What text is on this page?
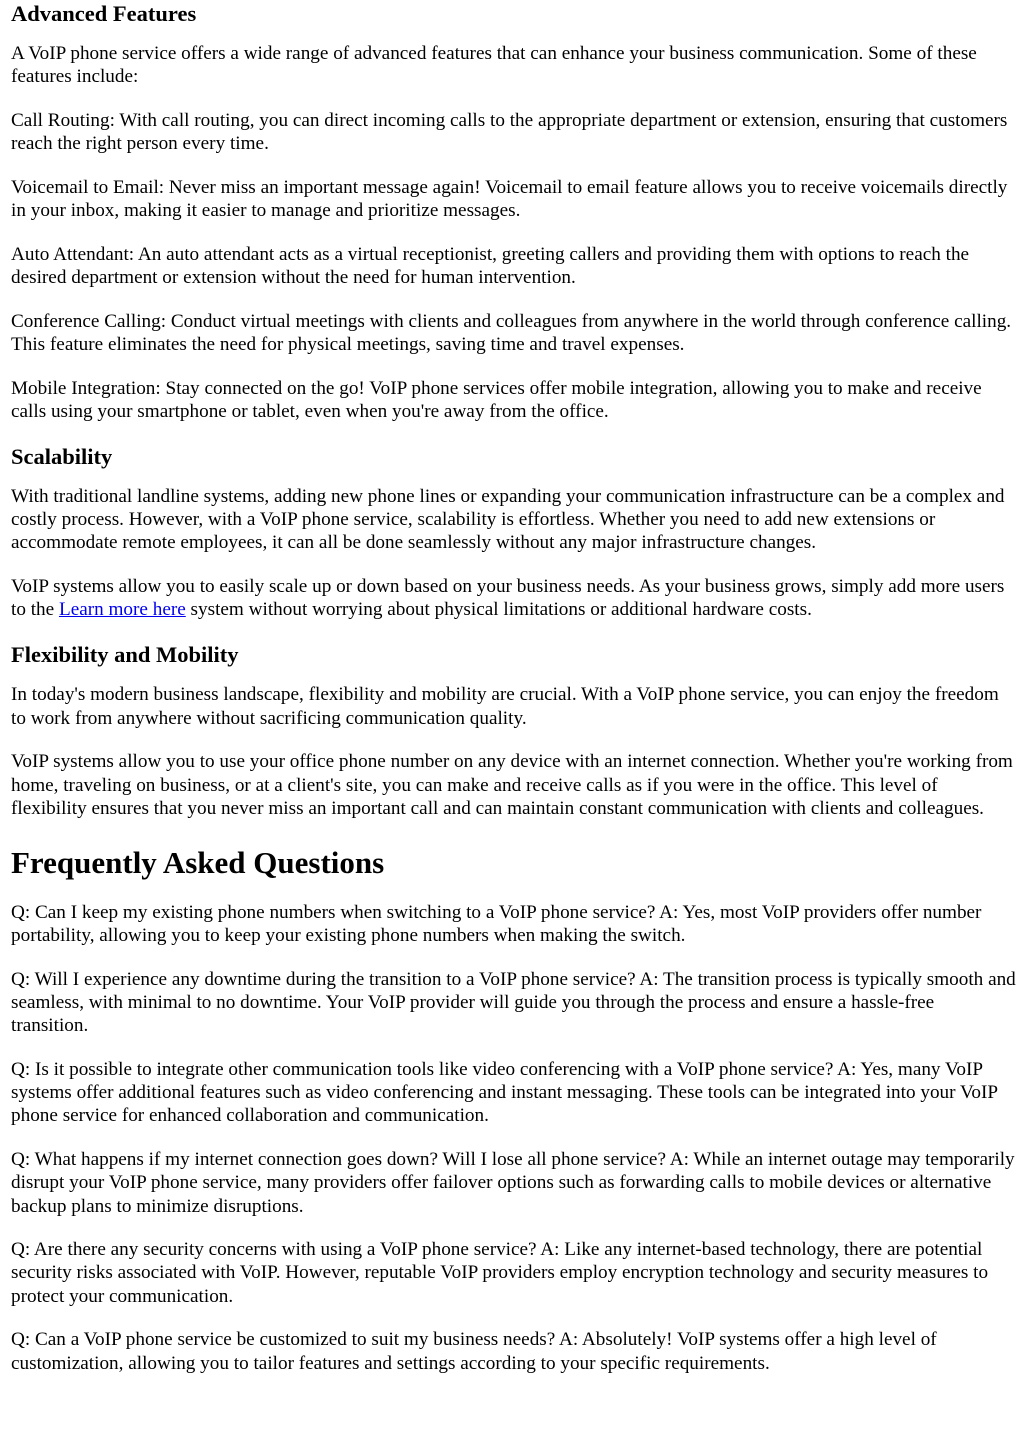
Advanced Features

A VoIP phone service offers a wide range of advanced features that can enhance your business communication. Some of these features include:

Call Routing: With call routing, you can direct incoming calls to the appropriate department or extension, ensuring that customers reach the right person every time.

Voicemail to Email: Never miss an important message again! Voicemail to email feature allows you to receive voicemails directly in your inbox, making it easier to manage and prioritize messages.

Auto Attendant: An auto attendant acts as a virtual receptionist, greeting callers and providing them with options to reach the desired department or extension without the need for human intervention.

Conference Calling: Conduct virtual meetings with clients and colleagues from anywhere in the world through conference calling. This feature eliminates the need for physical meetings, saving time and travel expenses.

Mobile Integration: Stay connected on the go! VoIP phone services offer mobile integration, allowing you to make and receive calls using your smartphone or tablet, even when you're away from the office.

Scalability

With traditional landline systems, adding new phone lines or expanding your communication infrastructure can be a complex and costly process. However, with a VoIP phone service, scalability is effortless. Whether you need to add new extensions or accommodate remote employees, it can all be done seamlessly without any major infrastructure changes.

VoIP systems allow you to easily scale up or down based on your business needs. As your business grows, simply add more users to the Learn more here system without worrying about physical limitations or additional hardware costs.

Flexibility and Mobility

In today's modern business landscape, flexibility and mobility are crucial. With a VoIP phone service, you can enjoy the freedom to work from anywhere without sacrificing communication quality.

VoIP systems allow you to use your office phone number on any device with an internet connection. Whether you're working from home, traveling on business, or at a client's site, you can make and receive calls as if you were in the office. This level of flexibility ensures that you never miss an important call and can maintain constant communication with clients and colleagues.

Frequently Asked Questions

Q: Can I keep my existing phone numbers when switching to a VoIP phone service? A: Yes, most VoIP providers offer number portability, allowing you to keep your existing phone numbers when making the switch.

Q: Will I experience any downtime during the transition to a VoIP phone service? A: The transition process is typically smooth and seamless, with minimal to no downtime. Your VoIP provider will guide you through the process and ensure a hassle-free transition.

Q: Is it possible to integrate other communication tools like video conferencing with a VoIP phone service? A: Yes, many VoIP systems offer additional features such as video conferencing and instant messaging. These tools can be integrated into your VoIP phone service for enhanced collaboration and communication.

Q: What happens if my internet connection goes down? Will I lose all phone service? A: While an internet outage may temporarily disrupt your VoIP phone service, many providers offer failover options such as forwarding calls to mobile devices or alternative backup plans to minimize disruptions.

Q: Are there any security concerns with using a VoIP phone service? A: Like any internet-based technology, there are potential security risks associated with VoIP. However, reputable VoIP providers employ encryption technology and security measures to protect your communication.

Q: Can a VoIP phone service be customized to suit my business needs? A: Absolutely! VoIP systems offer a high level of customization, allowing you to tailor features and settings according to your specific requirements.
